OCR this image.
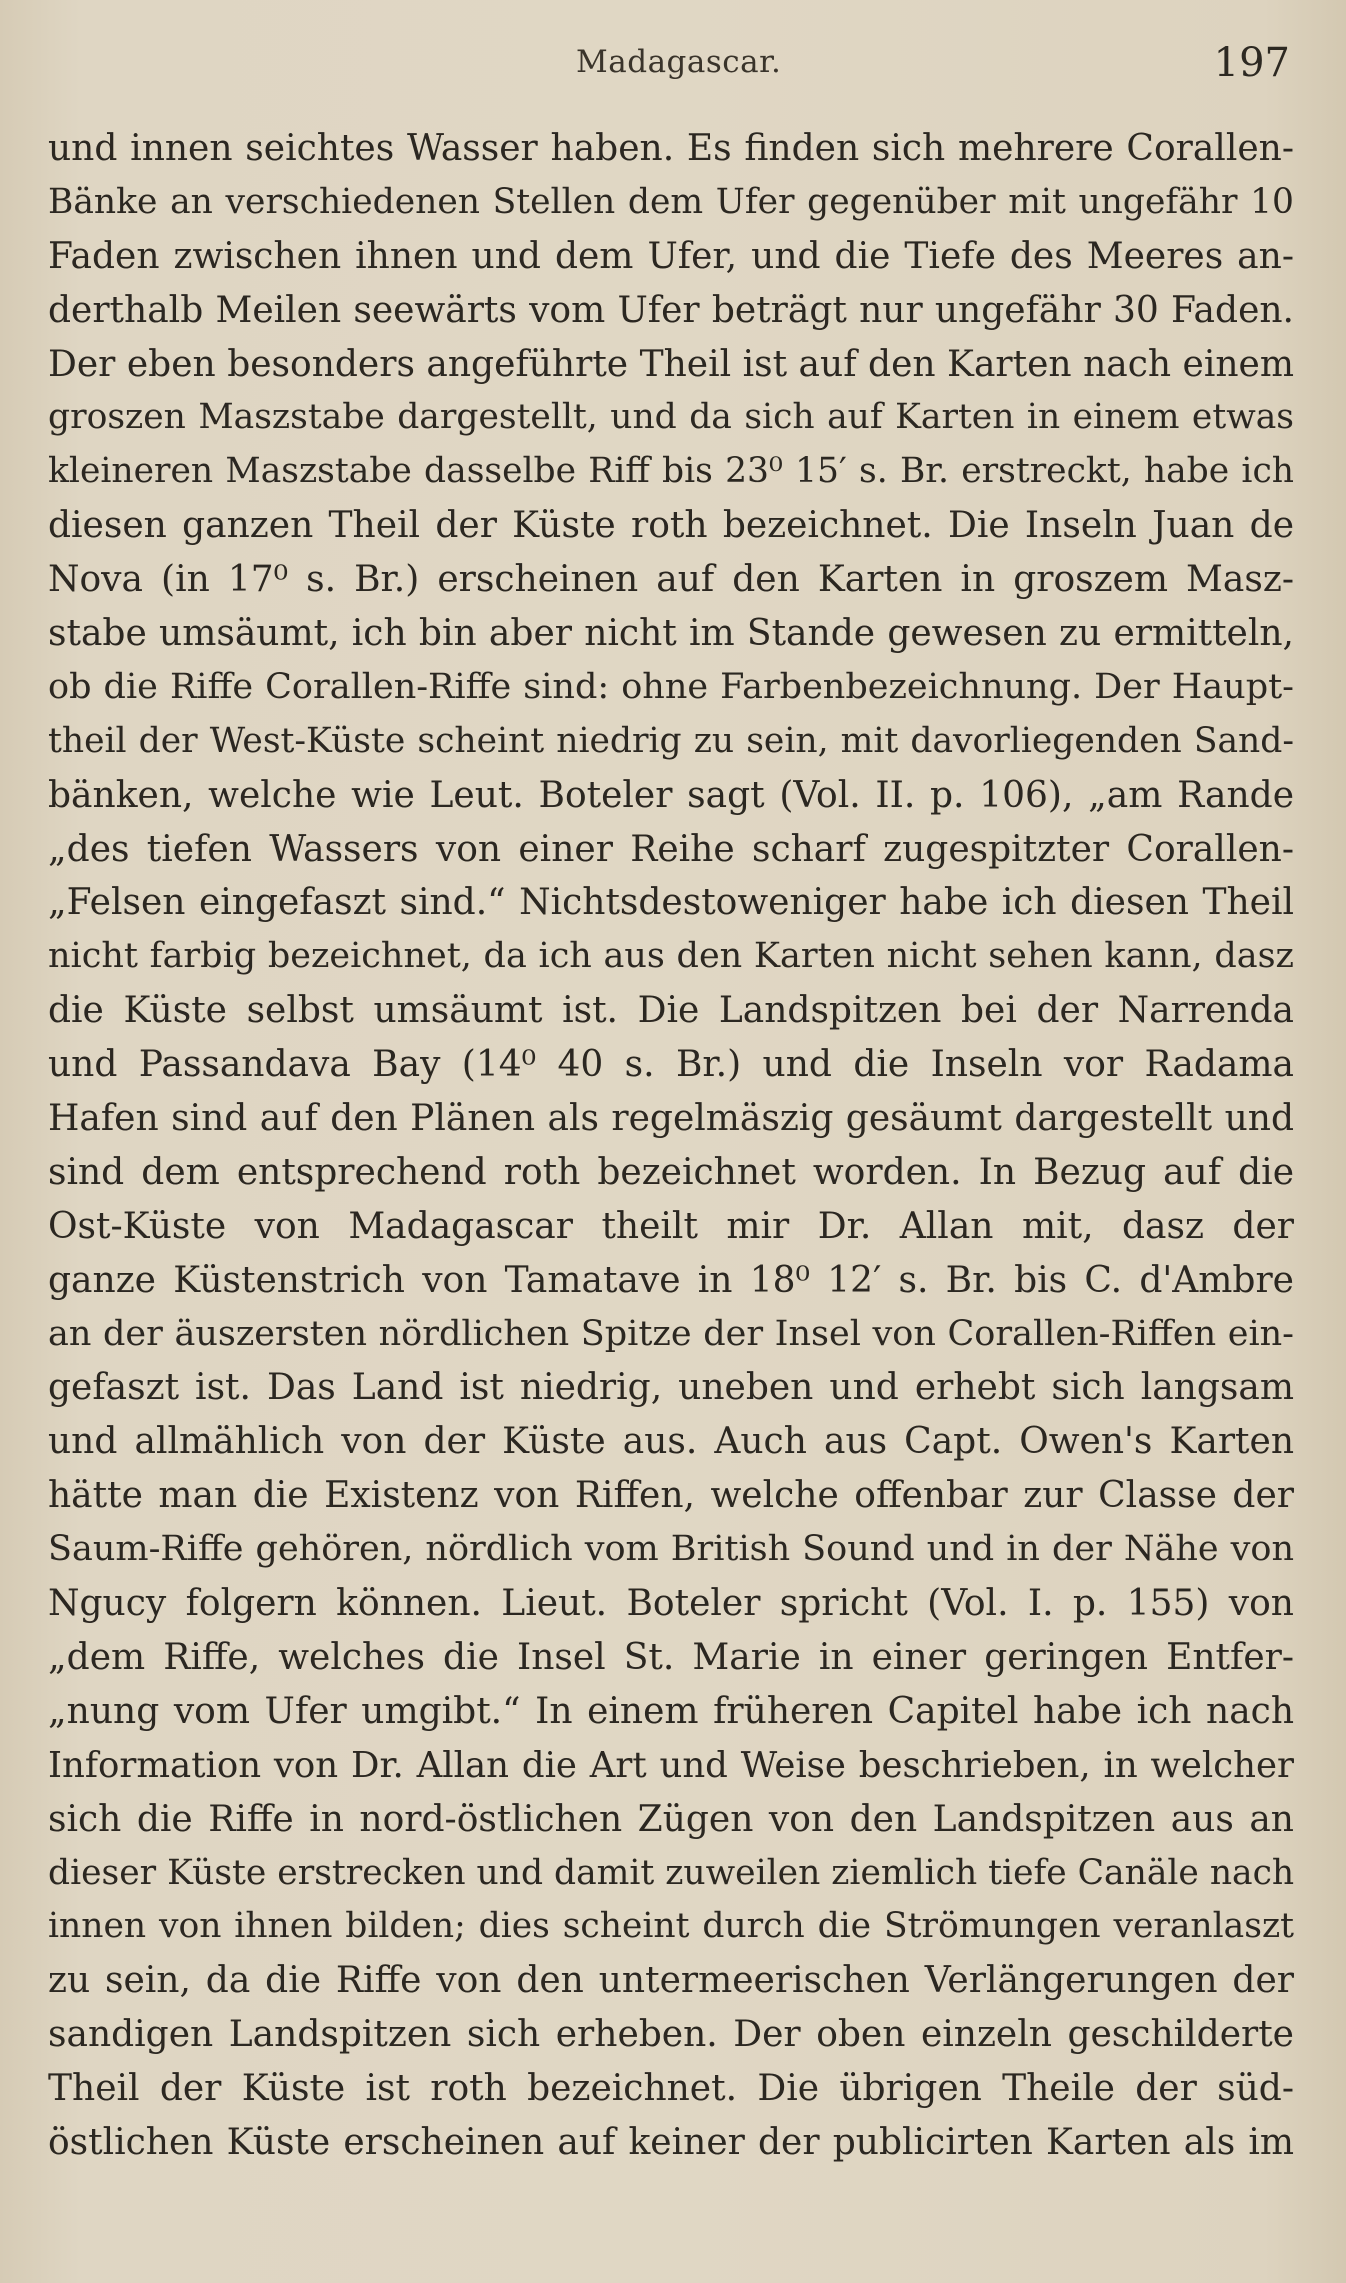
Madagascar.	197
und innen seichtes Wasser haben. Es finden sich mehrere Corallen-
Bänke an verschiedenen Stellen dem Ufer gegenüber mit ungefähr 10
Faden zwischen ihnen und dem Ufer, und die Tiefe des Meeres an-
derthalb Meilen seewärts vom Ufer beträgt nur ungefähr 30 Faden.
Der eben besonders angeführte Theil ist auf den Karten nach einem
groszen Maszstabe dargestellt, und da sich auf Karten in einem etwas
kleineren Maszstabe dasselbe Riff bis 23⁰ 15′ s. Br. erstreckt, habe ich
diesen ganzen Theil der Küste roth bezeichnet. Die Inseln Juan de
Nova (in 17⁰ s. Br.) erscheinen auf den Karten in groszem Masz-
stabe umsäumt, ich bin aber nicht im Stande gewesen zu ermitteln,
ob die Riffe Corallen-Riffe sind: ohne Farbenbezeichnung. Der Haupt-
theil der West-Küste scheint niedrig zu sein, mit davorliegenden Sand-
bänken, welche wie Leut. Boteler sagt (Vol. II. p. 106), „am Rande
„des tiefen Wassers von einer Reihe scharf zugespitzter Corallen-
„Felsen eingefaszt sind.“ Nichtsdestoweniger habe ich diesen Theil
nicht farbig bezeichnet, da ich aus den Karten nicht sehen kann, dasz
die Küste selbst umsäumt ist. Die Landspitzen bei der Narrenda
und Passandava Bay (14⁰ 40 s. Br.) und die Inseln vor Radama
Hafen sind auf den Plänen als regelmäszig gesäumt dargestellt und
sind dem entsprechend roth bezeichnet worden. In Bezug auf die
Ost-Küste von Madagascar theilt mir Dr. Allan mit, dasz der
ganze Küstenstrich von Tamatave in 18⁰ 12′ s. Br. bis C. d'Ambre
an der äuszersten nördlichen Spitze der Insel von Corallen-Riffen ein-
gefaszt ist. Das Land ist niedrig, uneben und erhebt sich langsam
und allmählich von der Küste aus. Auch aus Capt. Owen's Karten
hätte man die Existenz von Riffen, welche offenbar zur Classe der
Saum-Riffe gehören, nördlich vom British Sound und in der Nähe von
Ngucy folgern können. Lieut. Boteler spricht (Vol. I. p. 155) von
„dem Riffe, welches die Insel St. Marie in einer geringen Entfer-
„nung vom Ufer umgibt.“ In einem früheren Capitel habe ich nach
Information von Dr. Allan die Art und Weise beschrieben, in welcher
sich die Riffe in nord-östlichen Zügen von den Landspitzen aus an
dieser Küste erstrecken und damit zuweilen ziemlich tiefe Canäle nach
innen von ihnen bilden; dies scheint durch die Strömungen veranlaszt
zu sein, da die Riffe von den untermeerischen Verlängerungen der
sandigen Landspitzen sich erheben. Der oben einzeln geschilderte
Theil der Küste ist roth bezeichnet. Die übrigen Theile der süd-
östlichen Küste erscheinen auf keiner der publicirten Karten als im
